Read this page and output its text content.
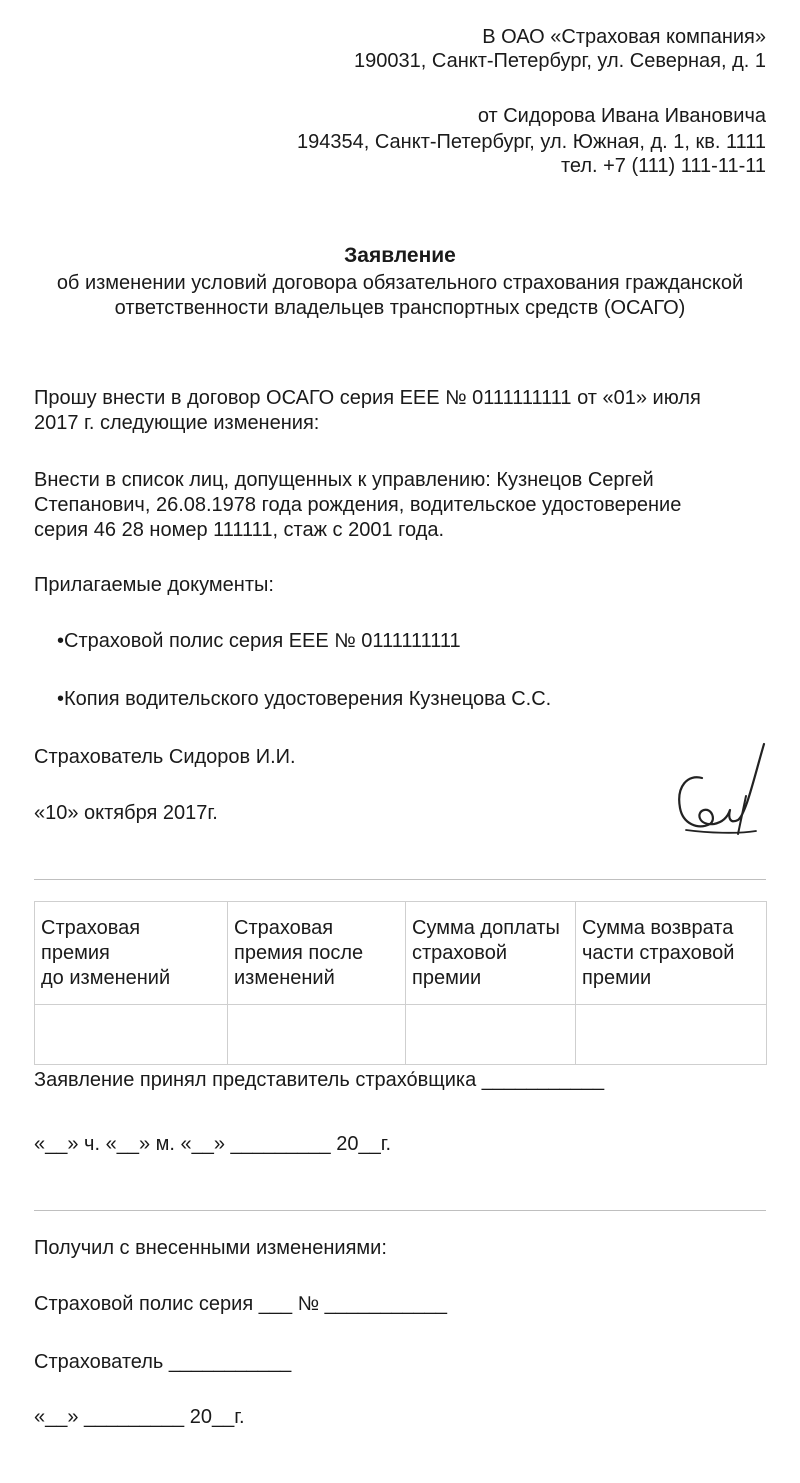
В ОАО «Страховая компания»
190031, Санкт-Петербург, ул. Северная, д. 1
от Сидорова Ивана Ивановича
194354, Санкт-Петербург, ул. Южная, д. 1, кв. 1111
тел. +7 (111) 111-11-11
Заявление
об изменении условий договора обязательного страхования гражданской
ответственности владельцев транспортных средств (ОСАГО)
Прошу внести в договор ОСАГО серия ЕЕЕ № 0111111111 от «01» июля
2017 г. следующие изменения:
Внести в список лиц, допущенных к управлению: Кузнецов Сергей
Степанович, 26.08.1978 года рождения, водительское удостоверение
серия 46 28 номер 111111, стаж с 2001 года.
Прилагаемые документы:
•Страховой полис серия ЕЕЕ № 0111111111
•Копия водительского удостоверения Кузнецова С.С.
Страхователь Сидоров И.И.
«10» октября 2017г.
Страховая
премия
до изменений	Страховая
премия после
изменений	Сумма доплаты
страховой
премии	Сумма возврата
части страховой
премии

Заявление принял представитель страхо́вщика ___________
«__» ч. «__» м. «__» _________ 20__г.
Получил с внесенными изменениями:
Страховой полис серия ___ № ___________
Страхователь ___________
«__» _________ 20__г.
